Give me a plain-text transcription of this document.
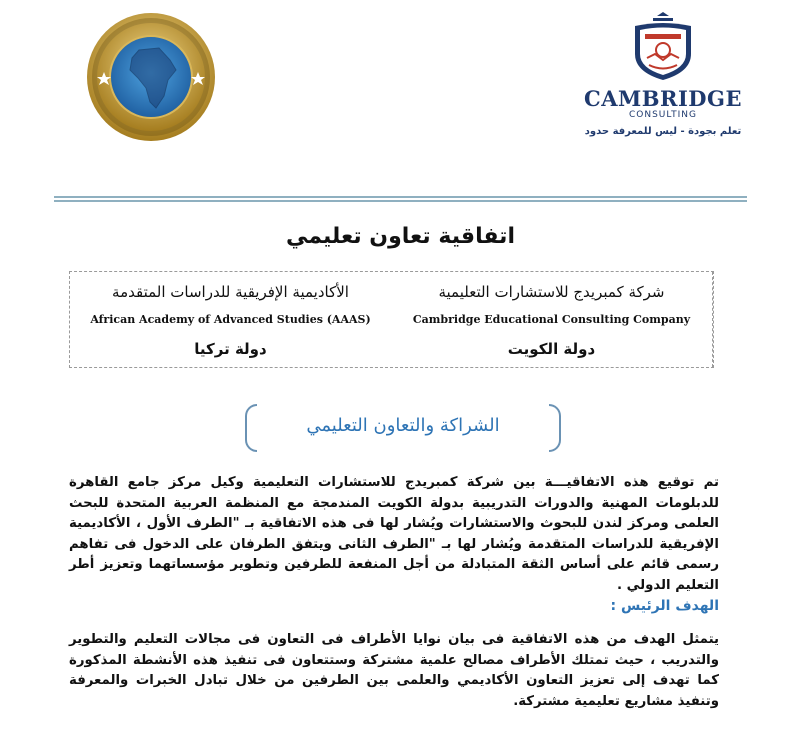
CAMBRIDGE
CONSULTING
تعلم بجودة - ليس للمعرفة حدود
اتفاقية تعاون تعليمي
الأكاديمية الإفريقية للدراسات المتقدمة
African Academy of Advanced Studies (AAAS)
دولة تركيا
شركة كمبريدج للاستشارات التعليمية
Cambridge Educational Consulting Company
دولة الكويت
الشراكة والتعاون التعليمي
تم توقيع هذه الاتفاقيـــة بين شركة كمبريدج للاستشارات التعليمية وكيل مركز جامع القاهرة للدبلومات المهنية والدورات التدريبية بدولة الكويت المندمجة مع المنظمة العربية المتحدة للبحث العلمى ومركز لندن للبحوث والاستشارات ويُشار لها فى هذه الاتفاقية بـ "الطرف الأول ، الأكاديمية الإفريقية للدراسات المتقدمة ويُشار لها بـ "الطرف الثانى ويتفق الطرفان على الدخول فى تفاهم رسمى قائم على أساس الثقة المتبادلة من أجل المنفعة للطرفين وتطوير مؤسساتهما وتعزيز أطر التعليم الدولي .
الهدف الرئيس :
يتمثل الهدف من هذه الاتفاقية فى بيان نوايا الأطراف فى التعاون فى مجالات التعليم والتطوير والتدريب ، حيث تمتلك الأطراف مصالح علمية مشتركة وستتعاون فى تنفيذ هذه الأنشطة المذكورة كما تهدف إلى تعزيز التعاون الأكاديمي والعلمى بين الطرفين من خلال تبادل الخبرات والمعرفة وتنفيذ مشاريع تعليمية مشتركة.
